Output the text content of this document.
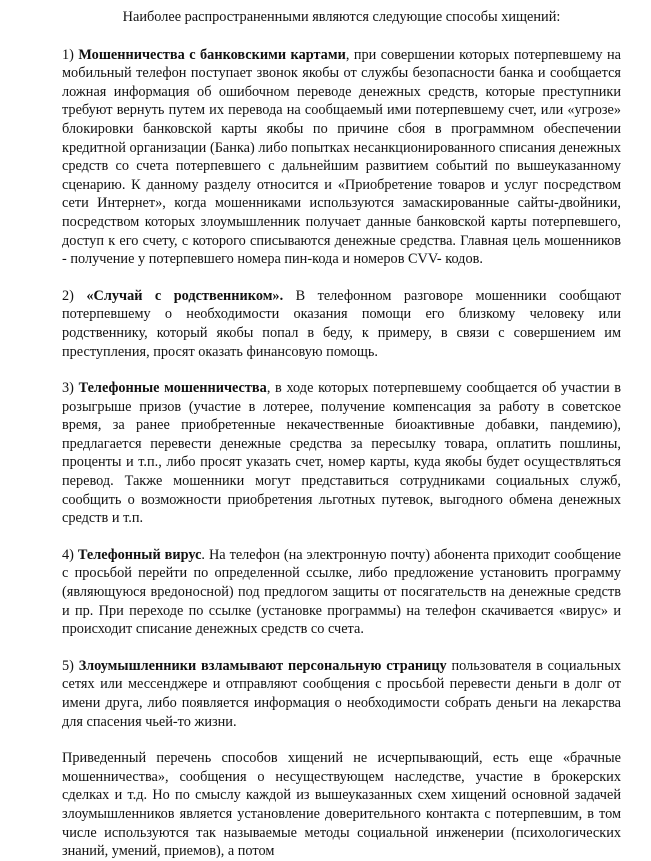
Наиболее распространенными являются следующие способы хищений:

1) Мошенничества с банковскими картами, при совершении которых потерпевшему на мобильный телефон поступает звонок якобы от службы безопасности банка и сообщается ложная информация об ошибочном переводе денежных средств, которые преступники требуют вернуть путем их перевода на сообщаемый ими потерпевшему счет, или «угрозе» блокировки банковской карты якобы по причине сбоя в программном обеспечении кредитной организации (Банка) либо попытках несанкционированного списания денежных средств со счета потерпевшего с дальнейшим развитием событий по вышеуказанному сценарию. К данному разделу относится и «Приобретение товаров и услуг посредством сети Интернет», когда мошенниками используются замаскированные сайты-двойники, посредством которых злоумышленник получает данные банковской карты потерпевшего, доступ к его счету, с которого списываются денежные средства. Главная цель мошенников - получение у потерпевшего номера пин-кода и номеров CVV- кодов.

2) «Случай с родственником». В телефонном разговоре мошенники сообщают потерпевшему о необходимости оказания помощи его близкому человеку или родственнику, который якобы попал в беду, к примеру, в связи с совершением им преступления, просят оказать финансовую помощь.

3) Телефонные мошенничества, в ходе которых потерпевшему сообщается об участии в розыгрыше призов (участие в лотерее, получение компенсация за работу в советское время, за ранее приобретенные некачественные биоактивные добавки, пандемию), предлагается перевести денежные средства за пересылку товара, оплатить пошлины, проценты и т.п., либо просят указать счет, номер карты, куда якобы будет осуществляться перевод. Также мошенники могут представиться сотрудниками социальных служб, сообщить о возможности приобретения льготных путевок, выгодного обмена денежных средств и т.п.

4) Телефонный вирус. На телефон (на электронную почту) абонента приходит сообщение с просьбой перейти по определенной ссылке, либо предложение установить программу (являющуюся вредоносной) под предлогом защиты от посягательств на денежные средств и пр. При переходе по ссылке (установке программы) на телефон скачивается «вирус» и происходит списание денежных средств со счета.

5) Злоумышленники взламывают персональную страницу пользователя в социальных сетях или мессенджере и отправляют сообщения с просьбой перевести деньги в долг от имени друга, либо появляется информация о необходимости собрать деньги на лекарства для спасения чьей-то жизни.

Приведенный перечень способов хищений не исчерпывающий, есть еще «брачные мошенничества», сообщения о несуществующем наследстве, участие в брокерских сделках и т.д. Но по смыслу каждой из вышеуказанных схем хищений основной задачей злоумышленников является установление доверительного контакта с потерпевшим, в том числе используются так называемые методы социальной инженерии (психологических знаний, умений, приемов), а потом
